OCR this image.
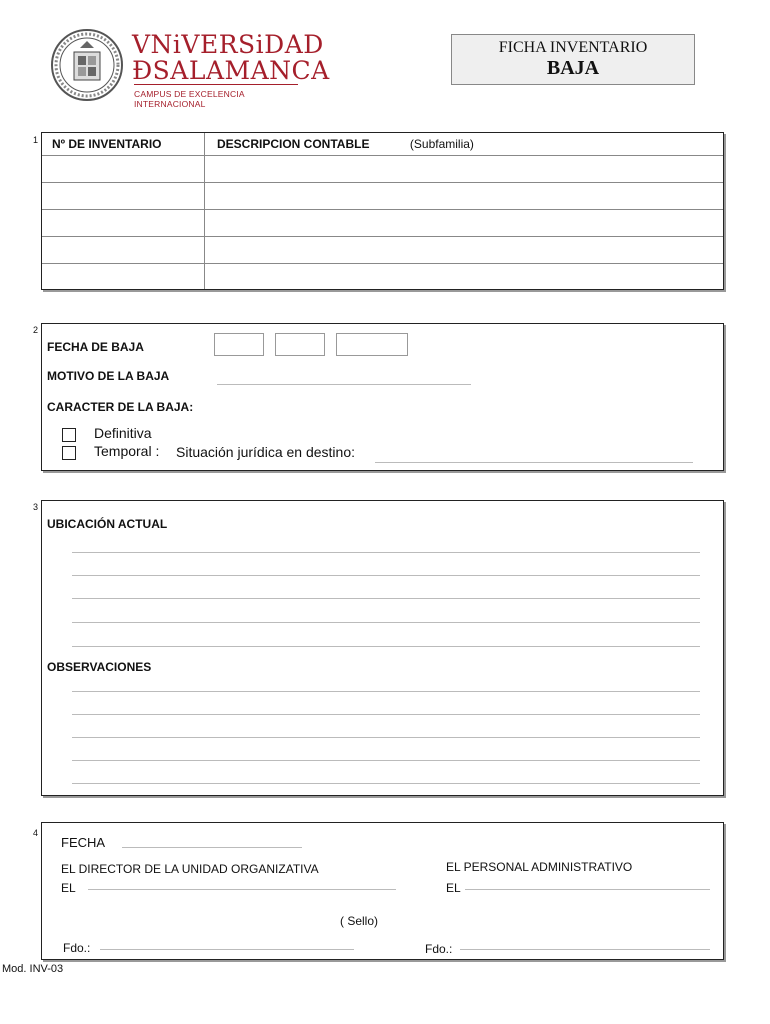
VNiVERSiDAD
ÐSALAMANCA
CAMPUS DE EXCELENCIA INTERNACIONAL
FICHA INVENTARIO
BAJA
1 Nº DE INVENTARIO	DESCRIPCION CONTABLE (Subfamilia)

2
FECHA DE BAJA
MOTIVO DE LA BAJA
CARACTER DE LA BAJA:
Definitiva
Temporal : Situación jurídica en destino:
3
UBICACIÓN ACTUAL
OBSERVACIONES
4
FECHA
EL DIRECTOR DE LA UNIDAD ORGANIZATIVA	EL PERSONAL ADMINISTRATIVO
EL	EL
( Sello)
Fdo.:	Fdo.:
Mod. INV-03
